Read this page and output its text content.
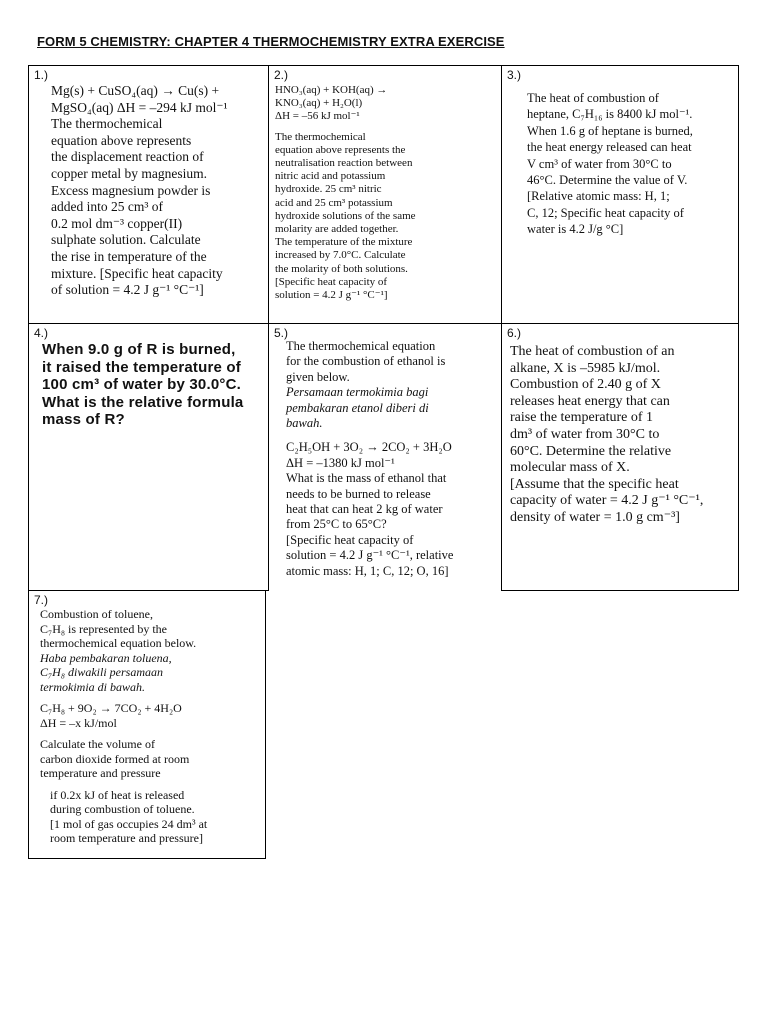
FORM 5 CHEMISTRY: CHAPTER 4 THERMOCHEMISTRY EXTRA EXERCISE
1.)
Mg(s) + CuSO₄(aq) → Cu(s) +
MgSO₄(aq) ΔH = –294 kJ mol⁻¹
The thermochemical
equation above represents
the displacement reaction of
copper metal by magnesium.
Excess magnesium powder is
added into 25 cm³ of
0.2 mol dm⁻³ copper(II)
sulphate solution. Calculate
the rise in temperature of the
mixture. [Specific heat capacity
of solution = 4.2 J g⁻¹ °C⁻¹]
2.)
HNO₃(aq) + KOH(aq) →
KNO₃(aq) + H₂O(l)
ΔH = –56 kJ mol⁻¹
The thermochemical
equation above represents the
neutralisation reaction between
nitric acid and potassium
hydroxide. 25 cm³ nitric
acid and 25 cm³ potassium
hydroxide solutions of the same
molarity are added together.
The temperature of the mixture
increased by 7.0°C. Calculate
the molarity of both solutions.
[Specific heat capacity of
solution = 4.2 J g⁻¹ °C⁻¹]
3.)
The heat of combustion of
heptane, C₇H₁₆ is 8400 kJ mol⁻¹.
When 1.6 g of heptane is burned,
the heat energy released can heat
V cm³ of water from 30°C to
46°C. Determine the value of V.
[Relative atomic mass: H, 1;
C, 12; Specific heat capacity of
water is 4.2 J/g °C]
4.)
When 9.0 g of R is burned,
it raised the temperature of
100 cm³ of water by 30.0°C.
What is the relative formula
mass of R?
5.)
The thermochemical equation
for the combustion of ethanol is
given below.
Persamaan termokimia bagi
pembakaran etanol diberi di
bawah.
C₂H₅OH + 3O₂ → 2CO₂ + 3H₂O
ΔH = –1380 kJ mol⁻¹
What is the mass of ethanol that
needs to be burned to release
heat that can heat 2 kg of water
from 25°C to 65°C?
[Specific heat capacity of
solution = 4.2 J g⁻¹ °C⁻¹, relative
atomic mass: H, 1; C, 12; O, 16]
6.)
The heat of combustion of an
alkane, X is –5985 kJ/mol.
Combustion of 2.40 g of X
releases heat energy that can
raise the temperature of 1
dm³ of water from 30°C to
60°C. Determine the relative
molecular mass of X.
[Assume that the specific heat
capacity of water = 4.2 J g⁻¹ °C⁻¹,
density of water = 1.0 g cm⁻³]
7.)
Combustion of toluene,
C₇H₈ is represented by the
thermochemical equation below.
Haba pembakaran toluena,
C₇H₈ diwakili persamaan
termokimia di bawah.
C₇H₈ + 9O₂ → 7CO₂ + 4H₂O
ΔH = –x kJ/mol
Calculate the volume of
carbon dioxide formed at room
temperature and pressure
if 0.2x kJ of heat is released
during combustion of toluene.
[1 mol of gas occupies 24 dm³ at
room temperature and pressure]
